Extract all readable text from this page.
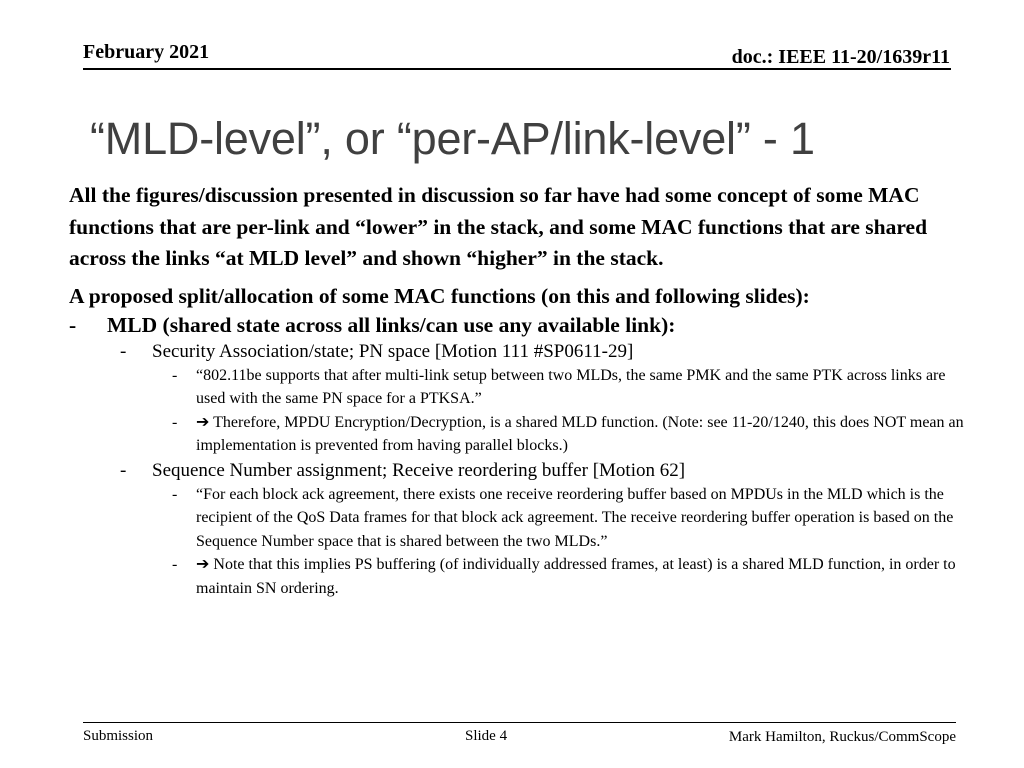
February 2021	doc.: IEEE 11-20/1639r11
“MLD-level”, or “per-AP/link-level” - 1

All the figures/discussion presented in discussion so far have had some concept of some MAC functions that are per-link and “lower” in the stack, and some MAC functions that are shared across the links “at MLD level” and shown “higher” in the stack.

A proposed split/allocation of some MAC functions (on this and following slides):

- MLD (shared state across all links/can use any available link):
- Security Association/state; PN space [Motion 111 #SP0611-29]
- “802.11be supports that after multi-link setup between two MLDs, the same PMK and the same PTK across links are used with the same PN space for a PTKSA.”
- ➔ Therefore, MPDU Encryption/Decryption, is a shared MLD function. (Note: see 11-20/1240, this does NOT mean an implementation is prevented from having parallel blocks.)
- Sequence Number assignment; Receive reordering buffer [Motion 62]
- “For each block ack agreement, there exists one receive reordering buffer based on MPDUs in the MLD which is the recipient of the QoS Data frames for that block ack agreement. The receive reordering buffer operation is based on the Sequence Number space that is shared between the two MLDs.”
- ➔ Note that this implies PS buffering (of individually addressed frames, at least) is a shared MLD function, in order to maintain SN ordering.
Submission	Slide 4	Mark Hamilton, Ruckus/CommScope
